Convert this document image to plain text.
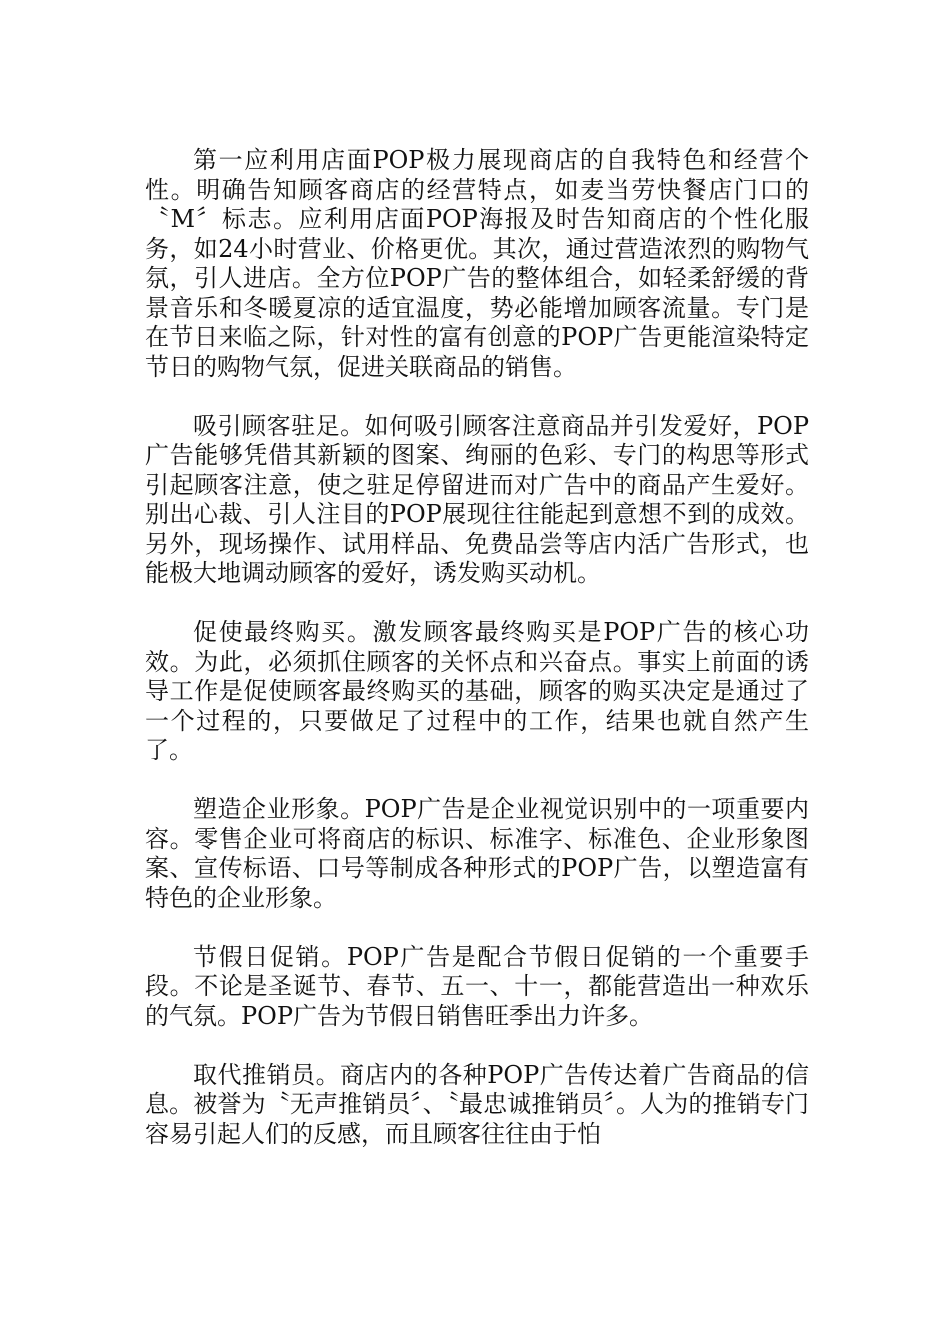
第一应利用店面POP极力展现商店的自我特色和经营个性。明确告知顾客商店的经营特点，如麦当劳快餐店门口的〝M〞标志。应利用店面POP海报及时告知商店的个性化服务，如24小时营业、价格更优。其次，通过营造浓烈的购物气氛，引人进店。全方位POP广告的整体组合，如轻柔舒缓的背景音乐和冬暖夏凉的适宜温度，势必能增加顾客流量。专门是在节日来临之际，针对性的富有创意的POP广告更能渲染特定节日的购物气氛，促进关联商品的销售。

吸引顾客驻足。如何吸引顾客注意商品并引发爱好，POP广告能够凭借其新颖的图案、绚丽的色彩、专门的构思等形式引起顾客注意，使之驻足停留进而对广告中的商品产生爱好。别出心裁、引人注目的POP展现往往能起到意想不到的成效。另外，现场操作、试用样品、免费品尝等店内活广告形式，也能极大地调动顾客的爱好，诱发购买动机。

促使最终购买。激发顾客最终购买是POP广告的核心功效。为此，必须抓住顾客的关怀点和兴奋点。事实上前面的诱导工作是促使顾客最终购买的基础，顾客的购买决定是通过了一个过程的，只要做足了过程中的工作，结果也就自然产生了。

塑造企业形象。POP广告是企业视觉识别中的一项重要内容。零售企业可将商店的标识、标准字、标准色、企业形象图案、宣传标语、口号等制成各种形式的POP广告，以塑造富有特色的企业形象。

节假日促销。POP广告是配合节假日促销的一个重要手段。不论是圣诞节、春节、五一、十一，都能营造出一种欢乐的气氛。POP广告为节假日销售旺季出力许多。

取代推销员。商店内的各种POP广告传达着广告商品的信息。被誉为〝无声推销员〞、〝最忠诚推销员〞。人为的推销专门容易引起人们的反感，而且顾客往往由于怕
